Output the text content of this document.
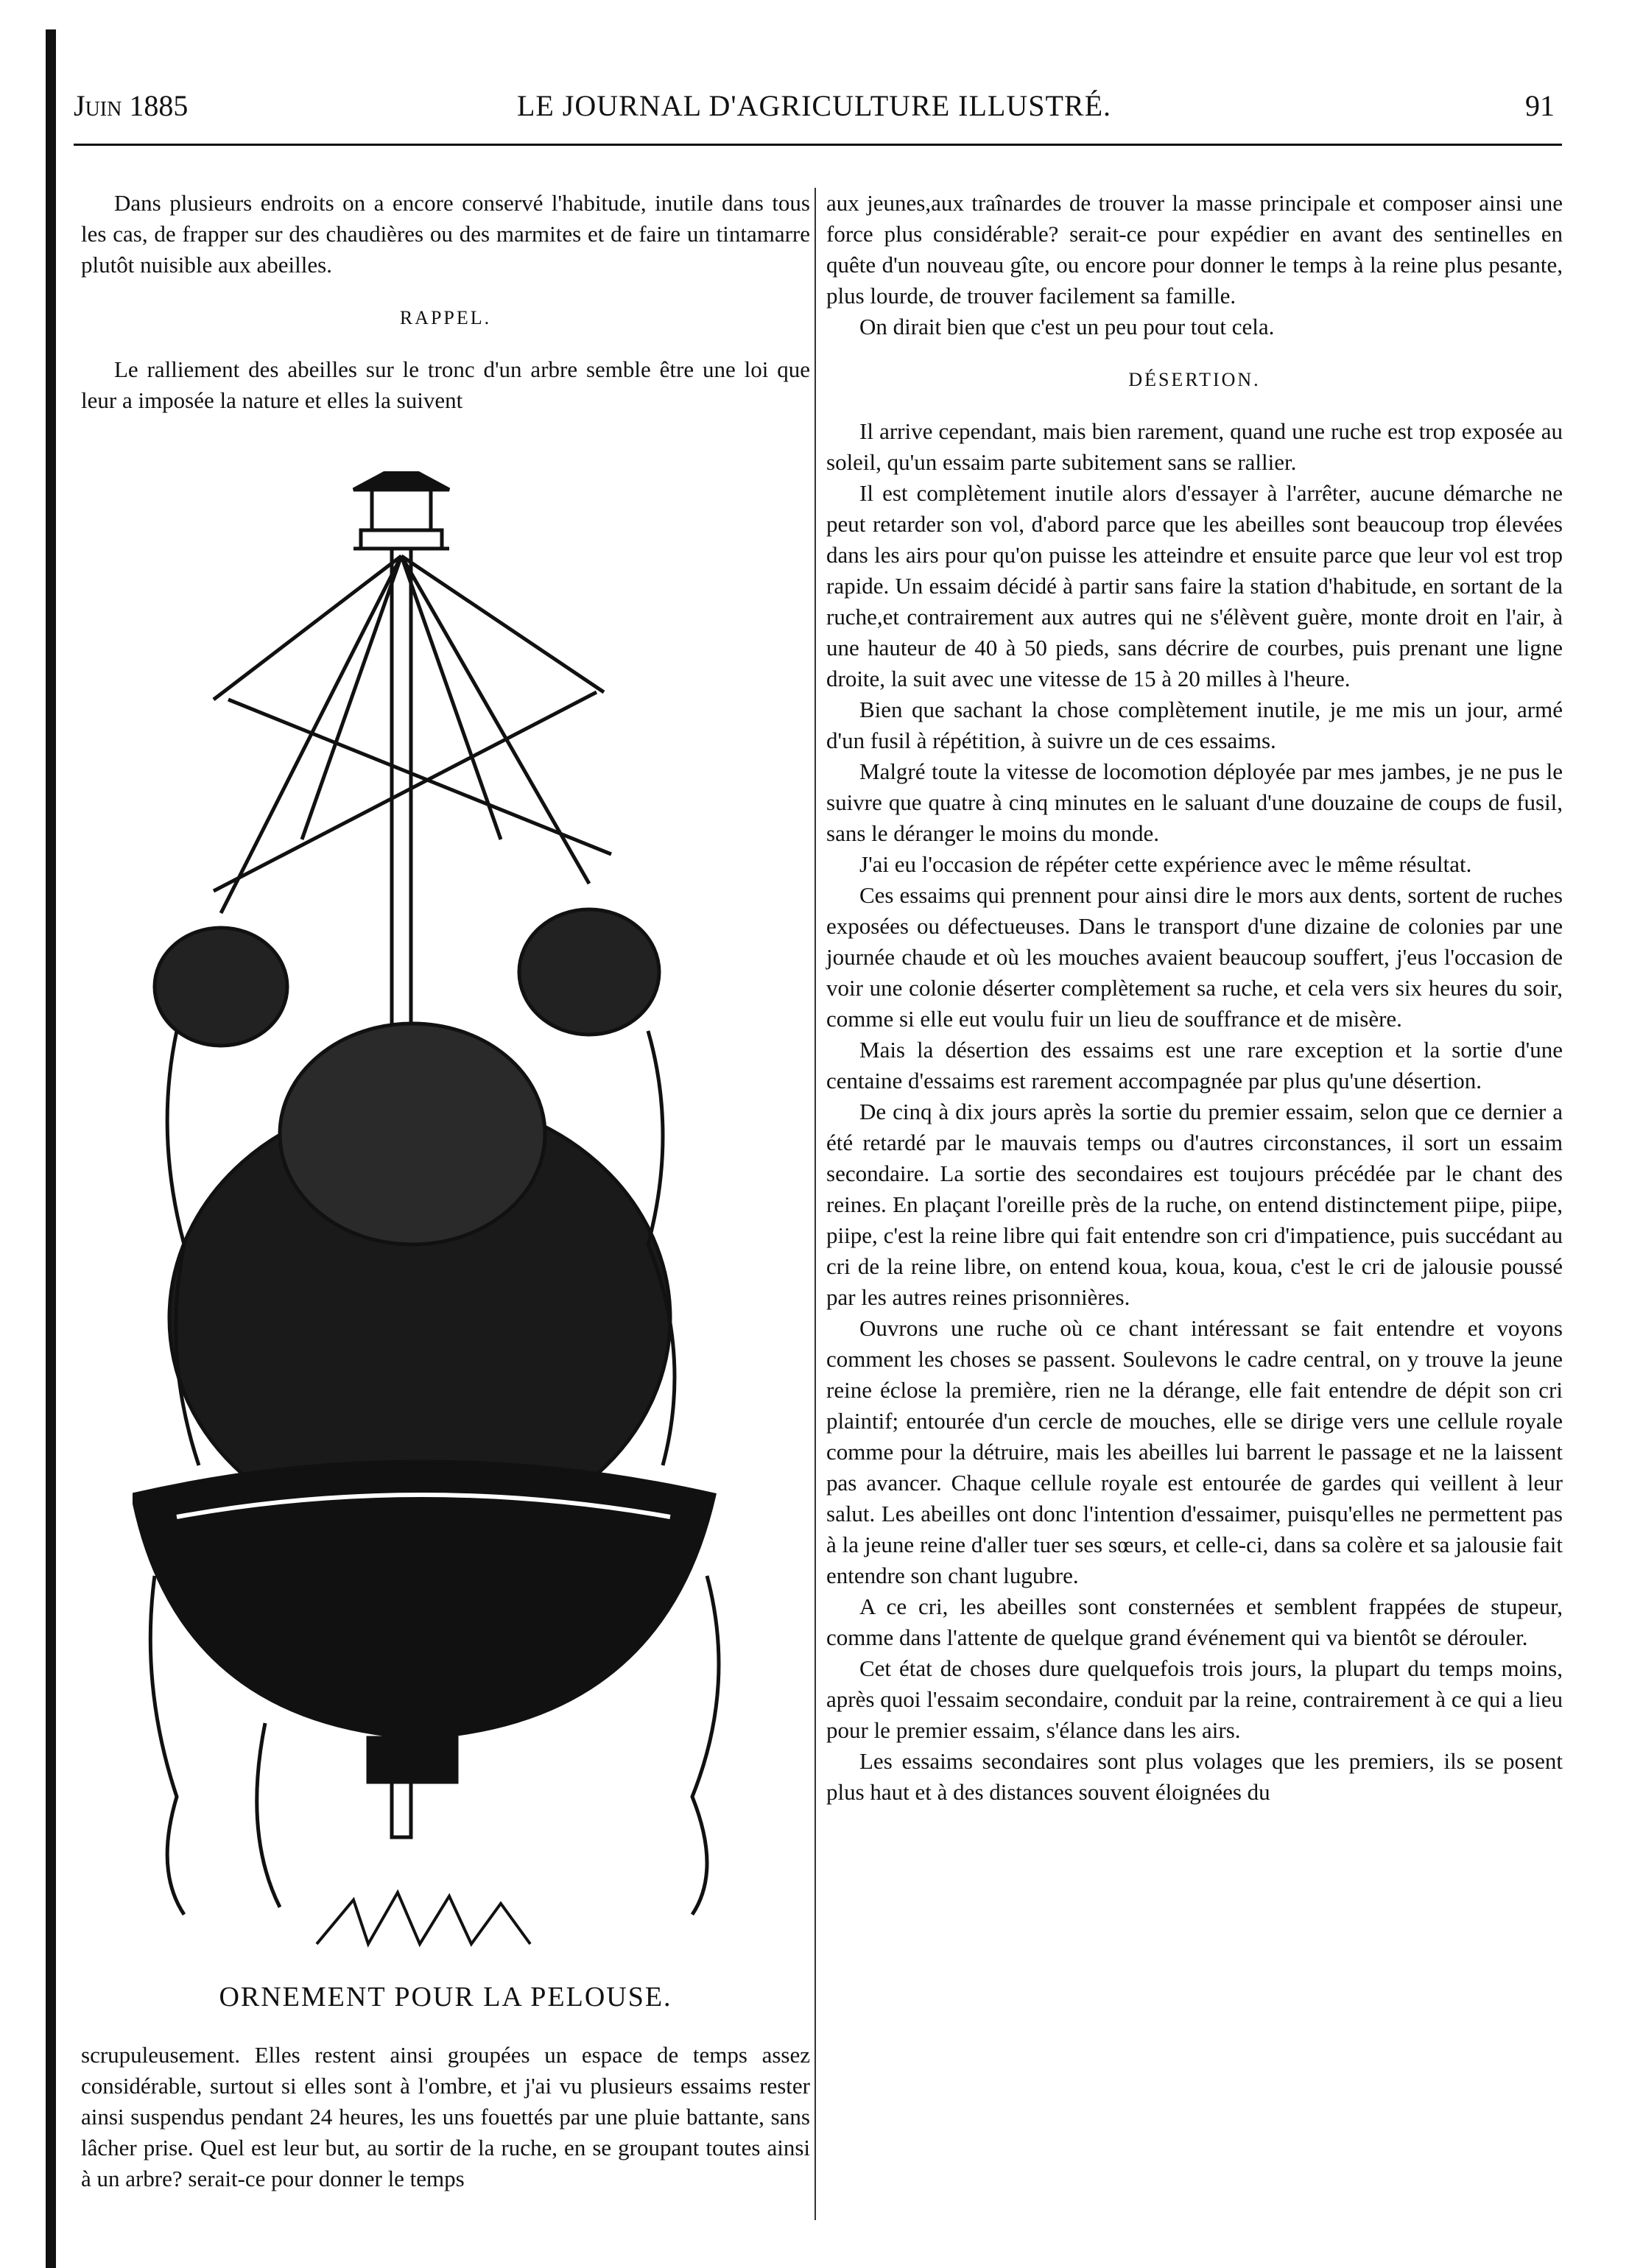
Juin 1885	LE JOURNAL D'AGRICULTURE ILLUSTRÉ.	91

Dans plusieurs endroits on a encore conservé l'habitude, inutile dans tous les cas, de frapper sur des chaudières ou des marmites et de faire un tintamarre plutôt nuisible aux abeilles.

RAPPEL.

Le ralliement des abeilles sur le tronc d'un arbre semble être une loi que leur a imposée la nature et elles la suivent

ORNEMENT POUR LA PELOUSE.

scrupuleusement. Elles restent ainsi groupées un espace de temps assez considérable, surtout si elles sont à l'ombre, et j'ai vu plusieurs essaims rester ainsi suspendus pendant 24 heures, les uns fouettés par une pluie battante, sans lâcher prise. Quel est leur but, au sortir de la ruche, en se groupant toutes ainsi à un arbre? serait-ce pour donner le temps

aux jeunes,aux traînardes de trouver la masse principale et composer ainsi une force plus considérable? serait-ce pour expédier en avant des sentinelles en quête d'un nouveau gîte, ou encore pour donner le temps à la reine plus pesante, plus lourde, de trouver facilement sa famille.

On dirait bien que c'est un peu pour tout cela.

DÉSERTION.

Il arrive cependant, mais bien rarement, quand une ruche est trop exposée au soleil, qu'un essaim parte subitement sans se rallier.

Il est complètement inutile alors d'essayer à l'arrêter, aucune démarche ne peut retarder son vol, d'abord parce que les abeilles sont beaucoup trop élevées dans les airs pour qu'on puisse les atteindre et ensuite parce que leur vol est trop rapide. Un essaim décidé à partir sans faire la station d'habitude, en sortant de la ruche,et contrairement aux autres qui ne s'élèvent guère, monte droit en l'air, à une hauteur de 40 à 50 pieds, sans décrire de courbes, puis prenant une ligne droite, la suit avec une vitesse de 15 à 20 milles à l'heure.

Bien que sachant la chose complètement inutile, je me mis un jour, armé d'un fusil à répétition, à suivre un de ces essaims.

Malgré toute la vitesse de locomotion déployée par mes jambes, je ne pus le suivre que quatre à cinq minutes en le saluant d'une douzaine de coups de fusil, sans le déranger le moins du monde.

J'ai eu l'occasion de répéter cette expérience avec le même résultat.

Ces essaims qui prennent pour ainsi dire le mors aux dents, sortent de ruches exposées ou défectueuses. Dans le transport d'une dizaine de colonies par une journée chaude et où les mouches avaient beaucoup souffert, j'eus l'occasion de voir une colonie déserter complètement sa ruche, et cela vers six heures du soir, comme si elle eut voulu fuir un lieu de souffrance et de misère.

Mais la désertion des essaims est une rare exception et la sortie d'une centaine d'essaims est rarement accompagnée par plus qu'une désertion.

De cinq à dix jours après la sortie du premier essaim, selon que ce dernier a été retardé par le mauvais temps ou d'autres circonstances, il sort un essaim secondaire. La sortie des secondaires est toujours précédée par le chant des reines. En plaçant l'oreille près de la ruche, on entend distinctement piipe, piipe, piipe, c'est la reine libre qui fait entendre son cri d'impatience, puis succédant au cri de la reine libre, on entend koua, koua, koua, c'est le cri de jalousie poussé par les autres reines prisonnières.

Ouvrons une ruche où ce chant intéressant se fait entendre et voyons comment les choses se passent. Soulevons le cadre central, on y trouve la jeune reine éclose la première, rien ne la dérange, elle fait entendre de dépit son cri plaintif; entourée d'un cercle de mouches, elle se dirige vers une cellule royale comme pour la détruire, mais les abeilles lui barrent le passage et ne la laissent pas avancer. Chaque cellule royale est entourée de gardes qui veillent à leur salut. Les abeilles ont donc l'intention d'essaimer, puisqu'elles ne permettent pas à la jeune reine d'aller tuer ses sœurs, et celle-ci, dans sa colère et sa jalousie fait entendre son chant lugubre.

A ce cri, les abeilles sont consternées et semblent frappées de stupeur, comme dans l'attente de quelque grand événement qui va bientôt se dérouler.

Cet état de choses dure quelquefois trois jours, la plupart du temps moins, après quoi l'essaim secondaire, conduit par la reine, contrairement à ce qui a lieu pour le premier essaim, s'élance dans les airs.

Les essaims secondaires sont plus volages que les premiers, ils se posent plus haut et à des distances souvent éloignées du
